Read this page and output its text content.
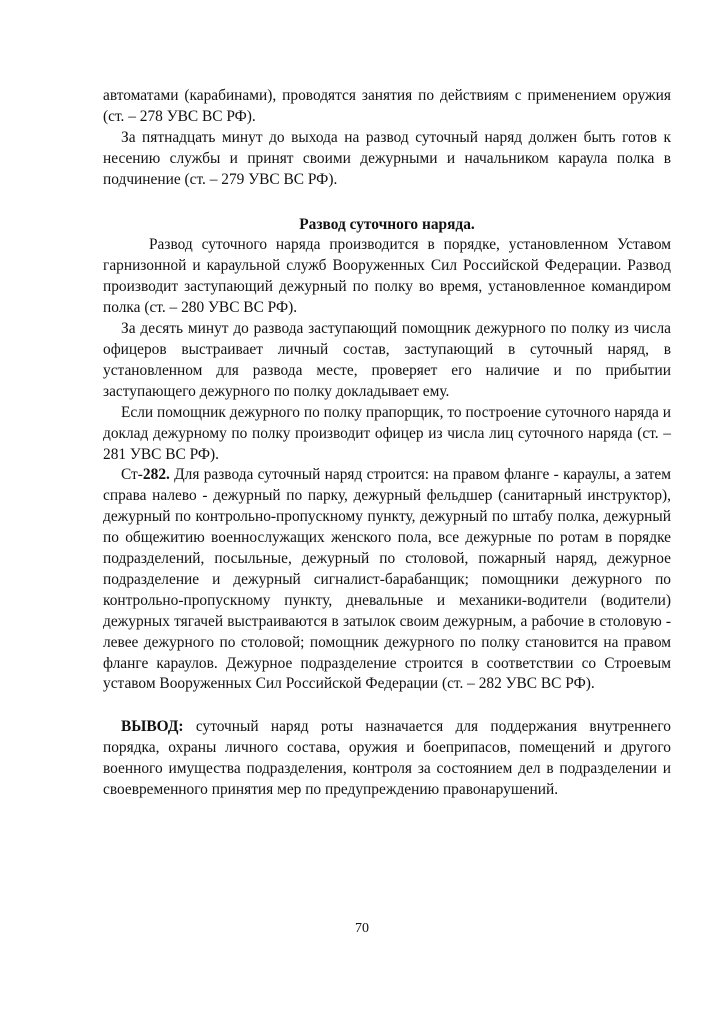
автоматами (карабинами), проводятся занятия по действиям с применением оружия (ст. – 278 УВС ВС РФ).

За пятнадцать минут до выхода на развод суточный наряд должен быть готов к несению службы и принят своими дежурными и начальником караула полка в подчинение (ст. – 279 УВС ВС РФ).

Развод суточного наряда.

Развод суточного наряда производится в порядке, установленном Уставом гарнизонной и караульной служб Вооруженных Сил Российской Федерации. Развод производит заступающий дежурный по полку во время, установленное командиром полка (ст. – 280 УВС ВС РФ).

За десять минут до развода заступающий помощник дежурного по полку из числа офицеров выстраивает личный состав, заступающий в суточный наряд, в установленном для развода месте, проверяет его наличие и по прибытии заступающего дежурного по полку докладывает ему.

Если помощник дежурного по полку прапорщик, то построение суточного наряда и доклад дежурному по полку производит офицер из числа лиц суточного наряда (ст. – 281 УВС ВС РФ).

Ст-282. Для развода суточный наряд строится: на правом фланге - караулы, а затем справа налево - дежурный по парку, дежурный фельдшер (санитарный инструктор), дежурный по контрольно-пропускному пункту, дежурный по штабу полка, дежурный по общежитию военнослужащих женского пола, все дежурные по ротам в порядке подразделений, посыльные, дежурный по столовой, пожарный наряд, дежурное подразделение и дежурный сигналист-барабанщик; помощники дежурного по контрольно-пропускному пункту, дневальные и механики-водители (водители) дежурных тягачей выстраиваются в затылок своим дежурным, а рабочие в столовую - левее дежурного по столовой; помощник дежурного по полку становится на правом фланге караулов. Дежурное подразделение строится в соответствии со Строевым уставом Вооруженных Сил Российской Федерации (ст. – 282 УВС ВС РФ).

ВЫВОД: суточный наряд роты назначается для поддержания внутреннего порядка, охраны личного состава, оружия и боеприпасов, помещений и другого военного имущества подразделения, контроля за состоянием дел в подразделении и своевременного принятия мер по предупреждению правонарушений.

70
